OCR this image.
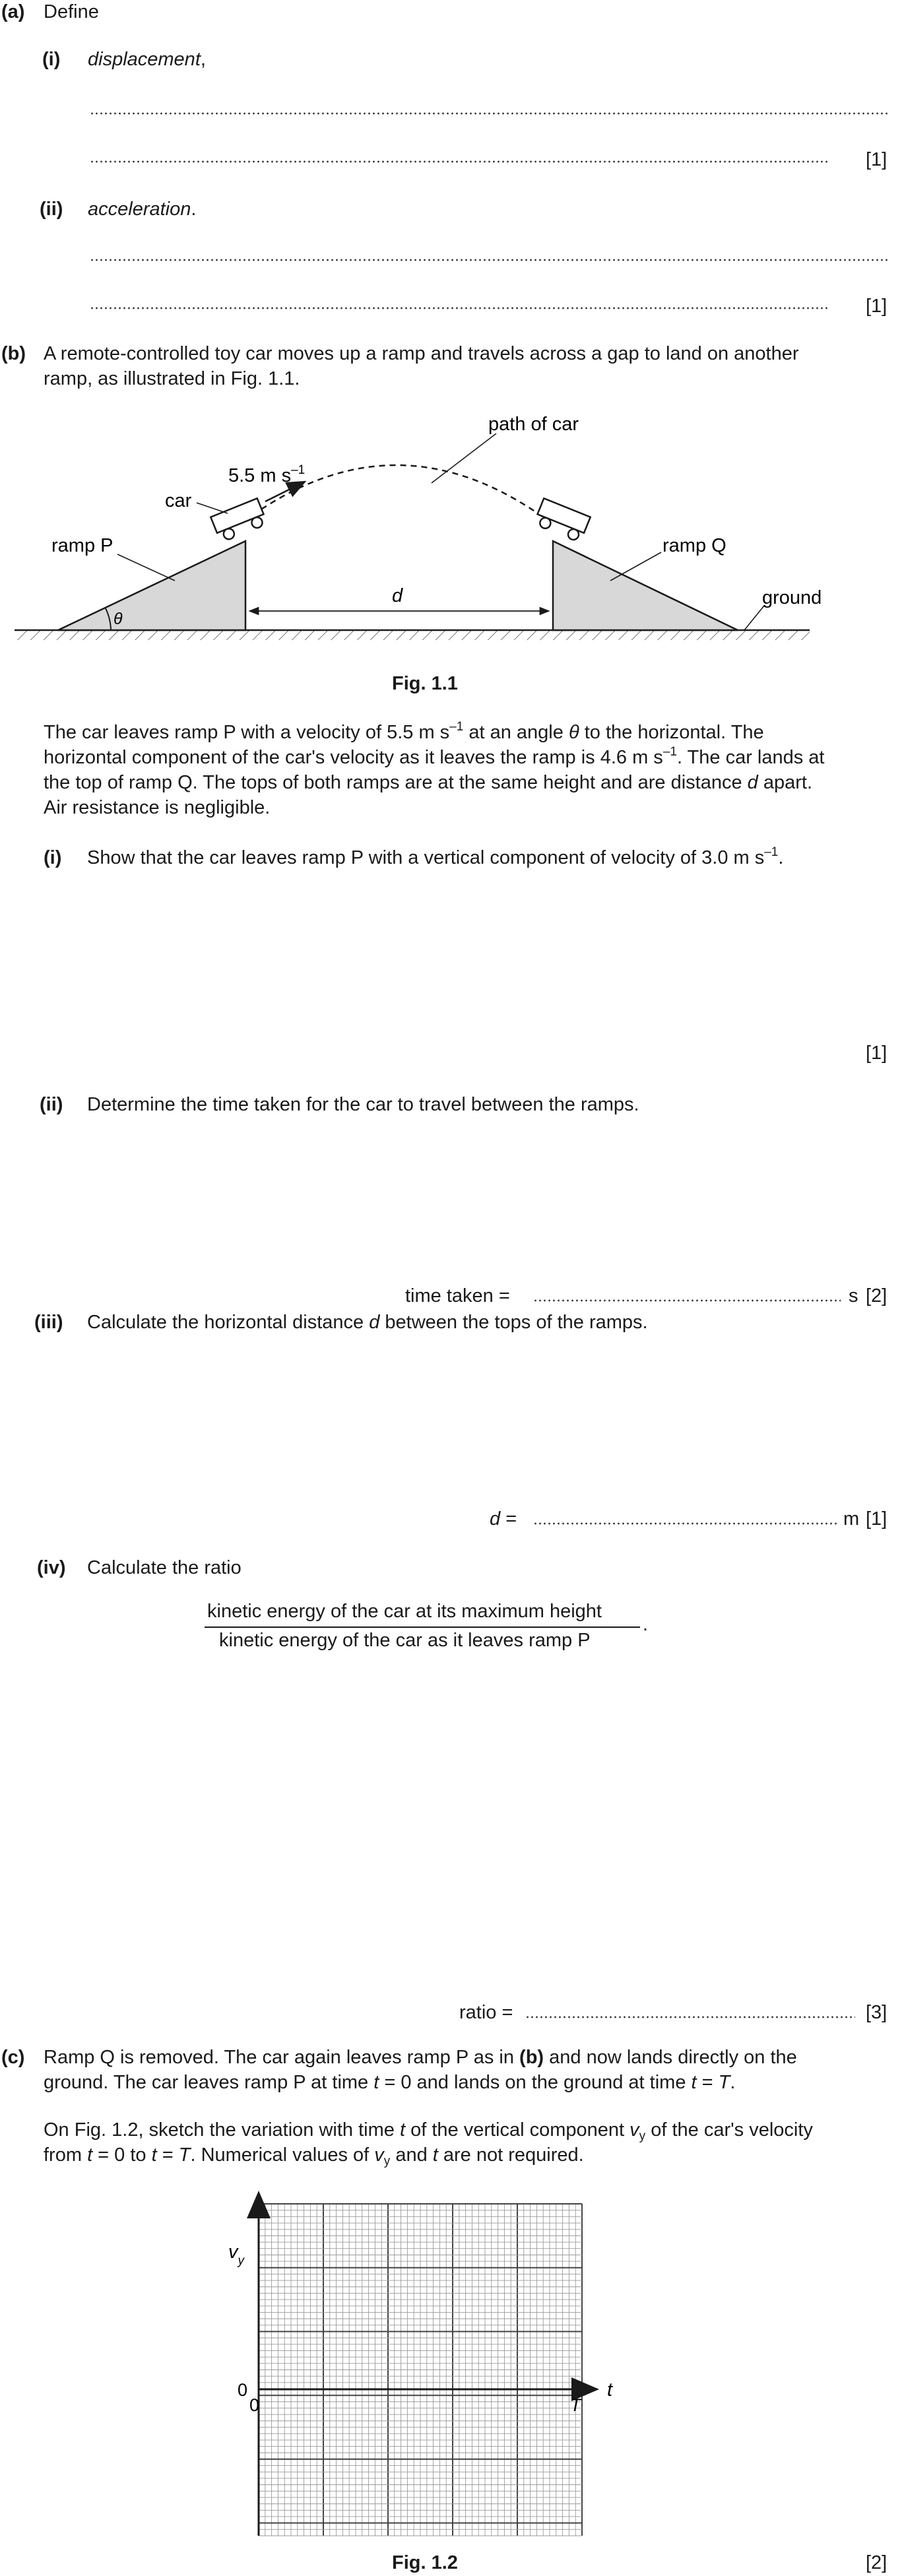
(a) Define
(i) displacement,
[1]
(ii) acceleration.
[1]
(b) A remote-controlled toy car moves up a ramp and travels across a gap to land on another
ramp, as illustrated in Fig. 1.1.
θ
d
path of car
5.5 m $s^{-1}$
car
ramp P	ramp Q
ground
Fig. 1.1
The car leaves ramp P with a velocity of 5.5 m $s^{-1}$ at an angle θ to the horizontal. The
horizontal component of the car's velocity as it leaves the ramp is 4.6 m $s^{-1}$. The car lands at
the top of ramp Q. The tops of both ramps are at the same height and are distance d apart.
Air resistance is negligible.
(i) Show that the car leaves ramp P with a vertical component of velocity of 3.0 m $s^{-1}$.
[1]
(ii) Determine the time taken for the car to travel between the ramps.
time taken =	s [2]
(iii) Calculate the horizontal distance d between the tops of the ramps.
d =	m [1]
(iv) Calculate the ratio
kinetic energy of the car at its maximum height
kinetic energy of the car as it leaves ramp P
.
ratio =	[3]
(c) Ramp Q is removed. The car again leaves ramp P as in (b) and now lands directly on the
ground. The car leaves ramp P at time t = 0 and lands on the ground at time t = T.
On Fig. 1.2, sketch the variation with time t of the vertical component $v_y$ of the car's velocity
from t = 0 to t = T. Numerical values of $v_y$ and t are not required.
$v_y$
0
0	T
t
Fig. 1.2	[2]
